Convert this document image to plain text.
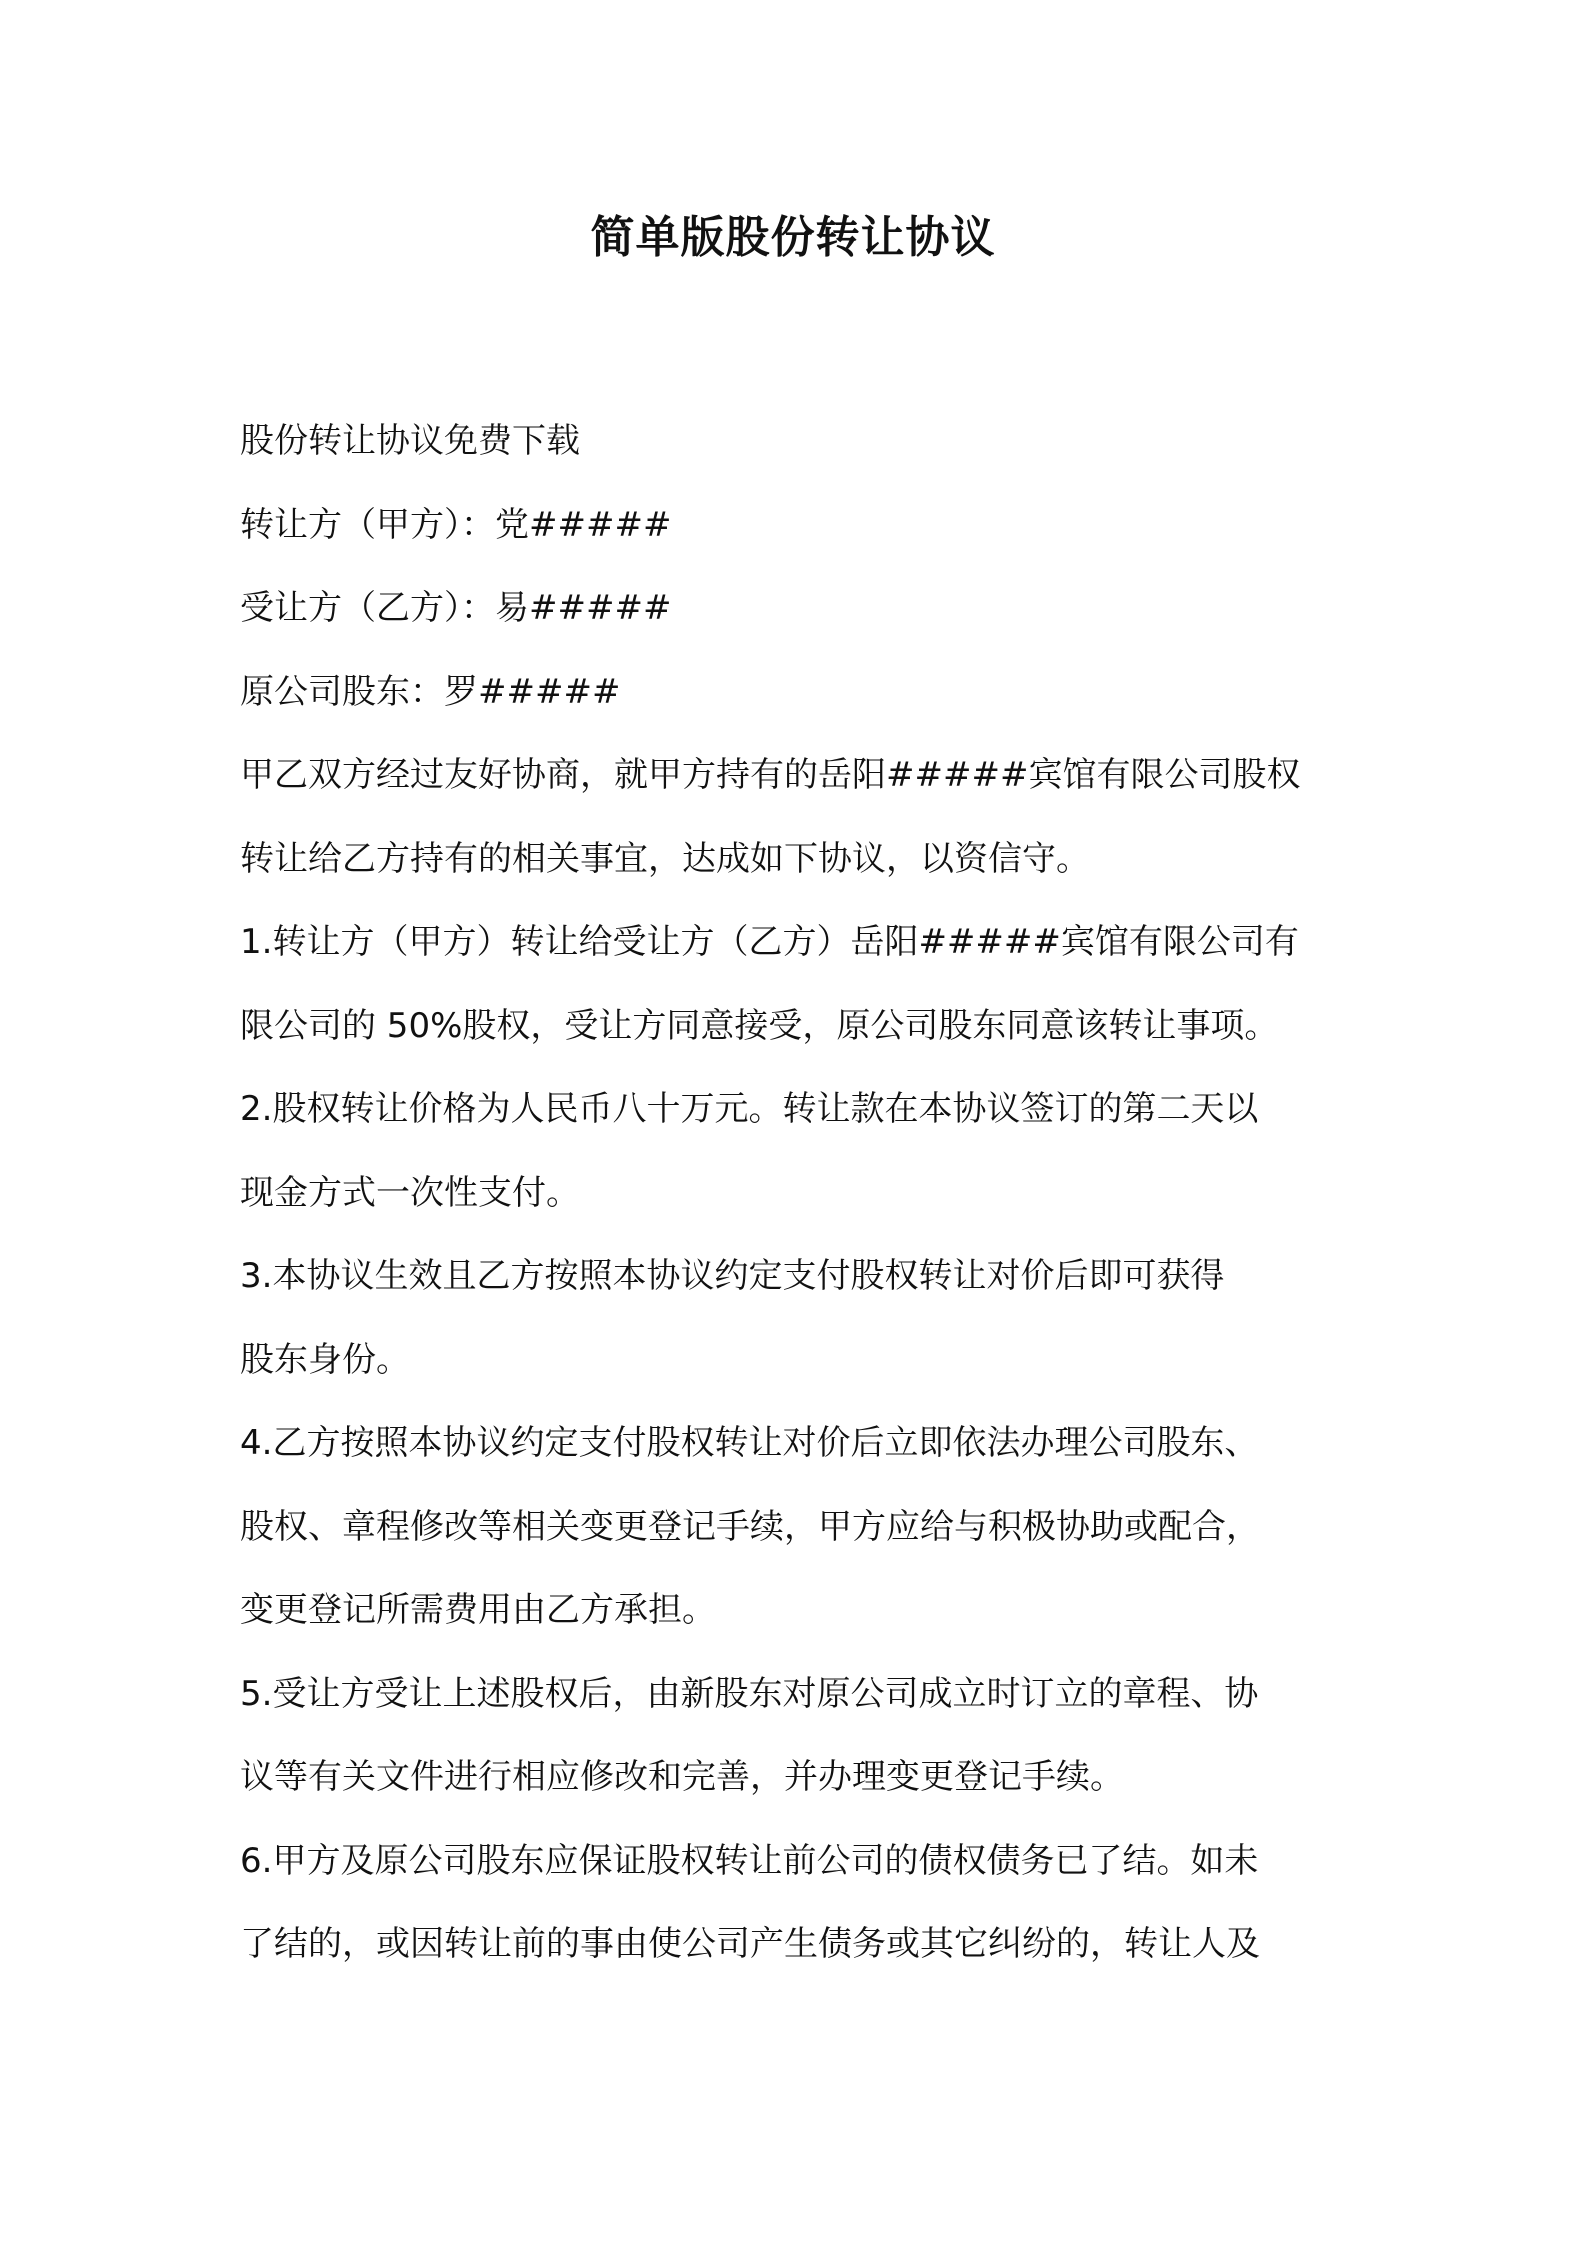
简单版股份转让协议
股份转让协议免费下载
转让方（甲方）：党#####
受让方（乙方）：易#####
原公司股东：罗#####
甲乙双方经过友好协商，就甲方持有的岳阳#####宾馆有限公司股权
转让给乙方持有的相关事宜，达成如下协议，以资信守。
1.转让方（甲方）转让给受让方（乙方）岳阳#####宾馆有限公司有
限公司的 50%股权，受让方同意接受，原公司股东同意该转让事项。
2.股权转让价格为人民币八十万元。转让款在本协议签订的第二天以
现金方式一次性支付。
3.本协议生效且乙方按照本协议约定支付股权转让对价后即可获得
股东身份。
4.乙方按照本协议约定支付股权转让对价后立即依法办理公司股东、
股权、章程修改等相关变更登记手续，甲方应给与积极协助或配合，
变更登记所需费用由乙方承担。
5.受让方受让上述股权后，由新股东对原公司成立时订立的章程、协
议等有关文件进行相应修改和完善，并办理变更登记手续。
6.甲方及原公司股东应保证股权转让前公司的债权债务已了结。如未
了结的，或因转让前的事由使公司产生债务或其它纠纷的，转让人及
